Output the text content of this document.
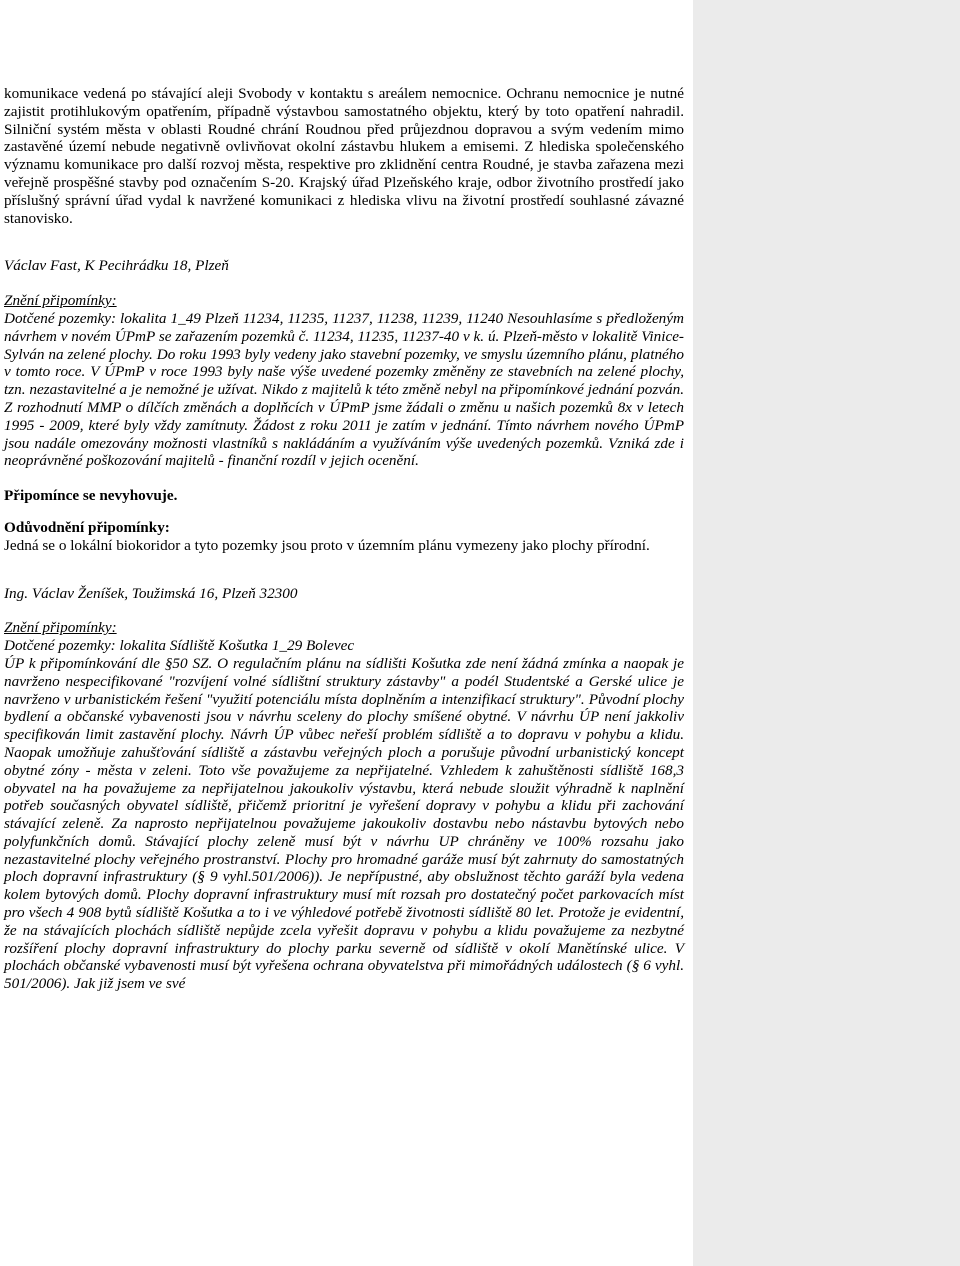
komunikace vedená po stávající aleji Svobody v kontaktu s areálem nemocnice. Ochranu nemocnice je nutné zajistit protihlukovým opatřením, případně výstavbou samostatného objektu, který by toto opatření nahradil. Silniční systém města v oblasti Roudné chrání Roudnou před průjezdnou dopravou a svým vedením mimo zastavěné území nebude negativně ovlivňovat okolní zástavbu hlukem a emisemi. Z hlediska společenského významu komunikace pro další rozvoj města, respektive pro zklidnění centra Roudné, je stavba zařazena mezi veřejně prospěšné stavby pod označením S-20. Krajský úřad Plzeňského kraje, odbor životního prostředí jako příslušný správní úřad vydal k navržené komunikaci z hlediska vlivu na životní prostředí souhlasné závazné stanovisko.

Václav Fast, K Pecihrádku 18, Plzeň

Znění připomínky:

Dotčené pozemky: lokalita 1_49 Plzeň 11234, 11235, 11237, 11238, 11239, 11240 Nesouhlasíme s předloženým návrhem v novém ÚPmP se zařazením pozemků č. 11234, 11235, 11237-40 v k. ú. Plzeň-město v lokalitě Vinice-Sylván na zelené plochy. Do roku 1993 byly vedeny jako stavební pozemky, ve smyslu územního plánu, platného v tomto roce. V ÚPmP v roce 1993 byly naše výše uvedené pozemky změněny ze stavebních na zelené plochy, tzn. nezastavitelné a je nemožné je užívat. Nikdo z majitelů k této změně nebyl na připomínkové jednání pozván. Z rozhodnutí MMP o dílčích změnách a doplňcích v ÚPmP jsme žádali o změnu u našich pozemků 8x v letech 1995 - 2009, které byly vždy zamítnuty. Žádost z roku 2011 je zatím v jednání. Tímto návrhem nového ÚPmP jsou nadále omezovány možnosti vlastníků s nakládáním a využíváním výše uvedených pozemků. Vzniká zde i neoprávněné poškozování majitelů - finanční rozdíl v jejich ocenění.

Připomínce se nevyhovuje.

Odůvodnění připomínky:

Jedná se o lokální biokoridor a tyto pozemky jsou proto v územním plánu vymezeny jako plochy přírodní.

Ing. Václav Ženíšek, Toužimská 16, Plzeň 32300

Znění připomínky:

Dotčené pozemky: lokalita Sídliště Košutka 1_29 Bolevec

ÚP k připomínkování dle §50 SZ. O regulačním plánu na sídlišti Košutka zde není žádná zmínka a naopak je navrženo nespecifikované "rozvíjení volné sídlištní struktury zástavby" a podél Studentské a Gerské ulice je navrženo v urbanistickém řešení "využití potenciálu místa doplněním a intenzifikací struktury". Původní plochy bydlení a občanské vybavenosti jsou v návrhu sceleny do plochy smíšené obytné. V návrhu ÚP není jakkoliv specifikován limit zastavění plochy. Návrh ÚP vůbec neřeší problém sídliště a to dopravu v pohybu a klidu. Naopak umožňuje zahušťování sídliště a zástavbu veřejných ploch a porušuje původní urbanistický koncept obytné zóny - města v zeleni. Toto vše považujeme za nepřijatelné. Vzhledem k zahuštěnosti sídliště 168,3 obyvatel na ha považujeme za nepřijatelnou jakoukoliv výstavbu, která nebude sloužit výhradně k naplnění potřeb současných obyvatel sídliště, přičemž prioritní je vyřešení dopravy v pohybu a klidu při zachování stávající zeleně. Za naprosto nepřijatelnou považujeme jakoukoliv dostavbu nebo nástavbu bytových nebo polyfunkčních domů. Stávající plochy zeleně musí být v návrhu UP chráněny ve 100% rozsahu jako nezastavitelné plochy veřejného prostranství. Plochy pro hromadné garáže musí být zahrnuty do samostatných ploch dopravní infrastruktury (§ 9 vyhl.501/2006)). Je nepřípustné, aby obslužnost těchto garáží byla vedena kolem bytových domů. Plochy dopravní infrastruktury musí mít rozsah pro dostatečný počet parkovacích míst pro všech 4 908 bytů sídliště Košutka a to i ve výhledové potřebě životnosti sídliště 80 let. Protože je evidentní, že na stávajících plochách sídliště nepůjde zcela vyřešit dopravu v pohybu a klidu považujeme za nezbytné rozšíření plochy dopravní infrastruktury do plochy parku severně od sídliště v okolí Manětínské ulice. V plochách občanské vybavenosti musí být vyřešena ochrana obyvatelstva při mimořádných událostech (§ 6 vyhl. 501/2006). Jak již jsem ve své
